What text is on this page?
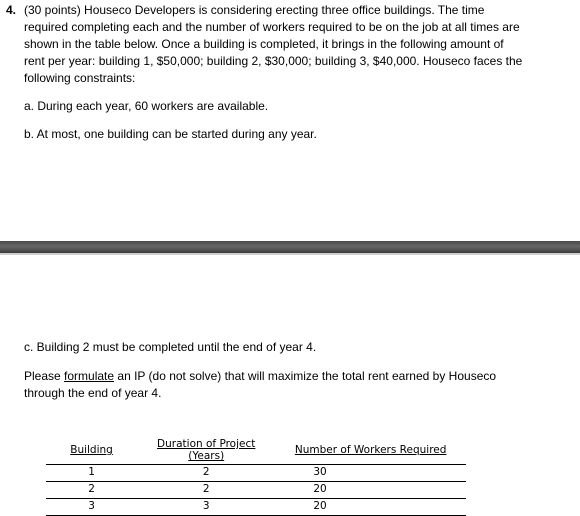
4. (30 points) Houseco Developers is considering erecting three office buildings. The time
required completing each and the number of workers required to be on the job at all times are
shown in the table below. Once a building is completed, it brings in the following amount of
rent per year: building 1, $50,000; building 2, $30,000; building 3, $40,000. Houseco faces the
following constraints:
a. During each year, 60 workers are available.
b. At most, one building can be started during any year.
c. Building 2 must be completed until the end of year 4.
Please formulate an IP (do not solve) that will maximize the total rent earned by Houseco
through the end of year 4.
Building	Duration of Project (Years)	Number of Workers Required
1	2	30
2	2	20
3	3	20
